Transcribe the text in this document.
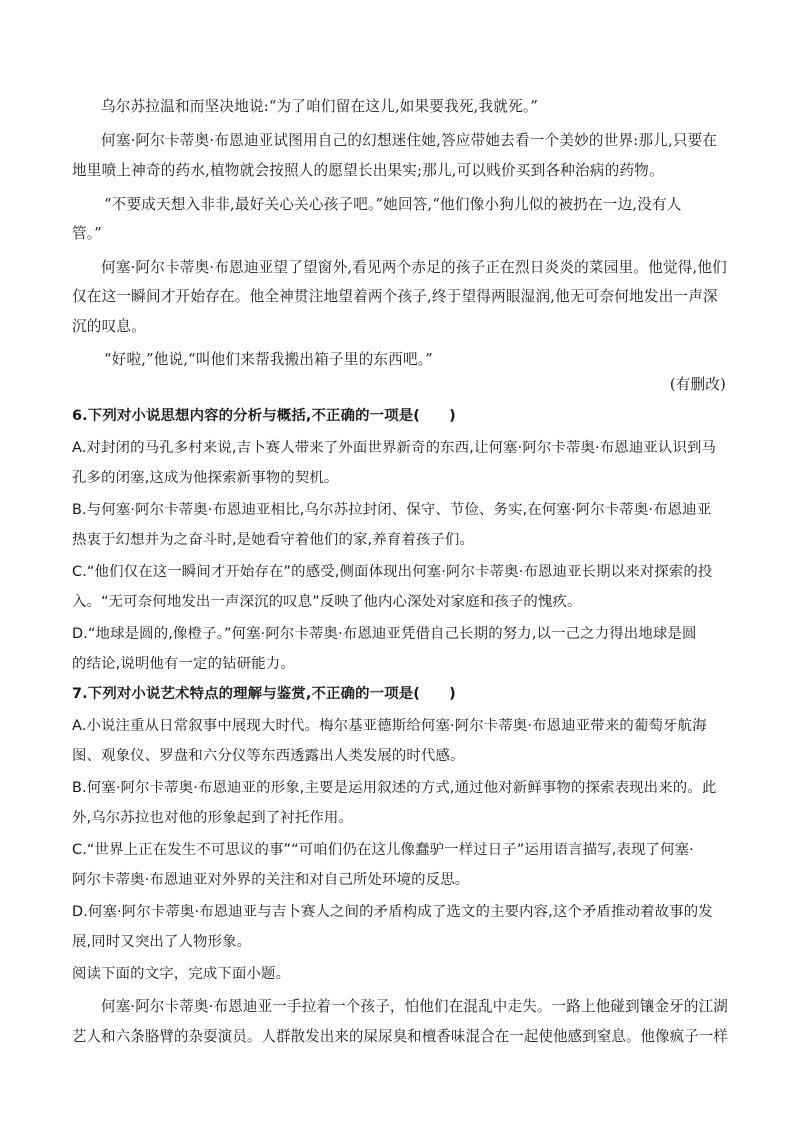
乌尔苏拉温和而坚决地说:“为了咱们留在这儿,如果要我死,我就死。”
何塞·阿尔卡蒂奥·布恩迪亚试图用自己的幻想迷住她,答应带她去看一个美妙的世界:那儿,只要在
地里喷上神奇的药水,植物就会按照人的愿望长出果实;那儿,可以贱价买到各种治病的药物。
“不要成天想入非非,最好关心关心孩子吧。”她回答,“他们像小狗儿似的被扔在一边,没有人
管。”
何塞·阿尔卡蒂奥·布恩迪亚望了望窗外,看见两个赤足的孩子正在烈日炎炎的菜园里。他觉得,他们
仅在这一瞬间才开始存在。他全神贯注地望着两个孩子,终于望得两眼湿润,他无可奈何地发出一声深
沉的叹息。
“好啦,”他说,“叫他们来帮我搬出箱子里的东西吧。”
(有删改)
6.下列对小说思想内容的分析与概括,不正确的一项是(　　)
A.对封闭的马孔多村来说,吉卜赛人带来了外面世界新奇的东西,让何塞·阿尔卡蒂奥·布恩迪亚认识到马
孔多的闭塞,这成为他探索新事物的契机。
B.与何塞·阿尔卡蒂奥·布恩迪亚相比,乌尔苏拉封闭、保守、节俭、务实,在何塞·阿尔卡蒂奥·布恩迪亚
热衷于幻想并为之奋斗时,是她看守着他们的家,养育着孩子们。
C.“他们仅在这一瞬间才开始存在”的感受,侧面体现出何塞·阿尔卡蒂奥·布恩迪亚长期以来对探索的投
入。“无可奈何地发出一声深沉的叹息”反映了他内心深处对家庭和孩子的愧疚。
D.“地球是圆的,像橙子。”何塞·阿尔卡蒂奥·布恩迪亚凭借自己长期的努力,以一己之力得出地球是圆
的结论,说明他有一定的钻研能力。
7.下列对小说艺术特点的理解与鉴赏,不正确的一项是(　　)
A.小说注重从日常叙事中展现大时代。梅尔基亚德斯给何塞·阿尔卡蒂奥·布恩迪亚带来的葡萄牙航海
图、观象仪、罗盘和六分仪等东西透露出人类发展的时代感。
B.何塞·阿尔卡蒂奥·布恩迪亚的形象,主要是运用叙述的方式,通过他对新鲜事物的探索表现出来的。此
外,乌尔苏拉也对他的形象起到了衬托作用。
C.“世界上正在发生不可思议的事”“可咱们仍在这儿像蠢驴一样过日子”运用语言描写,表现了何塞·
阿尔卡蒂奥·布恩迪亚对外界的关注和对自己所处环境的反思。
D.何塞·阿尔卡蒂奥·布恩迪亚与吉卜赛人之间的矛盾构成了选文的主要内容,这个矛盾推动着故事的发
展,同时又突出了人物形象。
阅读下面的文字，完成下面小题。
何塞·阿尔卡蒂奥·布恩迪亚一手拉着一个孩子，怕他们在混乱中走失。一路上他碰到镶金牙的江湖
艺人和六条胳臂的杂耍演员。人群散发出来的屎尿臭和檀香味混合在一起使他感到窒息。他像疯子一样
